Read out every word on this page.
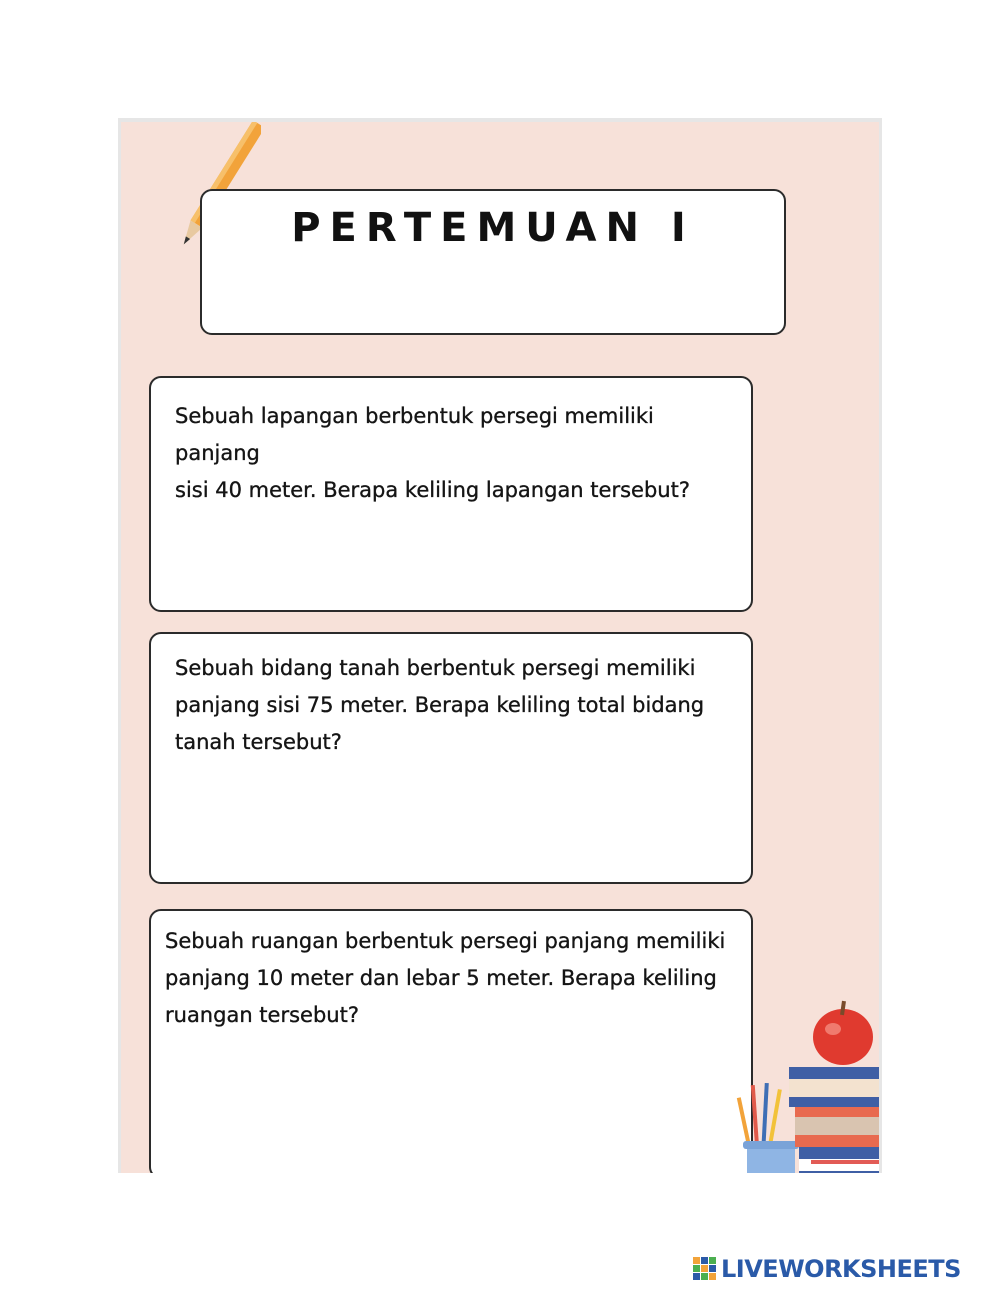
PERTEMUAN I
Sebuah lapangan berbentuk persegi memiliki panjang
sisi 40 meter. Berapa keliling lapangan tersebut?
Sebuah bidang tanah berbentuk persegi memiliki
panjang sisi 75 meter. Berapa keliling total bidang
tanah tersebut?
Sebuah ruangan berbentuk persegi panjang memiliki
panjang 10 meter dan lebar 5 meter. Berapa keliling
ruangan tersebut?
LIVEWORKSHEETS
